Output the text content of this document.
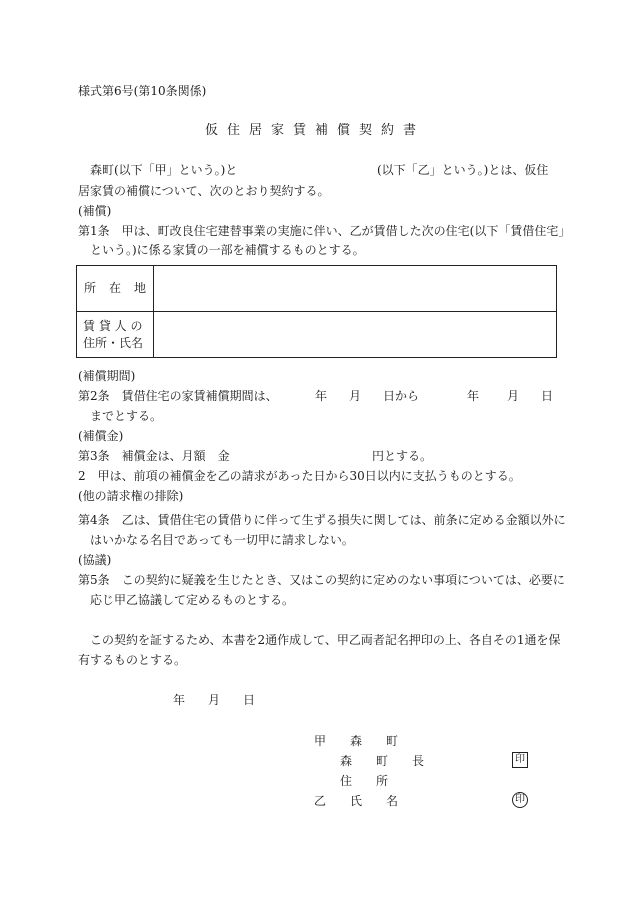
様式第6号(第10条関係)
仮住居家賃補償契約書
森町(以下「甲」という。)と	(以下「乙」という。)とは、仮住
居家賃の補償について、次のとおり契約する。
(補償)
第1条　甲は、町改良住宅建替事業の実施に伴い、乙が賃借した次の住宅(以下「賃借住宅」
という。)に係る家賃の一部を補償するものとする。
所 在 地	

賃 貸 人 の
住所・氏名	

(補償期間)
第2条　賃借住宅の家賃補償期間は、	年 月 日から	年 月 日
までとする。
(補償金)
第3条　補償金は、月額　金	円とする。
2　甲は、前項の補償金を乙の請求があった日から30日以内に支払うものとする。
(他の請求権の排除)
第4条　乙は、賃借住宅の賃借りに伴って生ずる損失に関しては、前条に定める金額以外に
はいかなる名目であっても一切甲に請求しない。
(協議)
第5条　この契約に疑義を生じたとき、又はこの契約に定めのない事項については、必要に
応じ甲乙協議して定めるものとする。
この契約を証するため、本書を2通作成して、甲乙両者記名押印の上、各自その1通を保
有するものとする。
年 月 日
甲　森　町
森　町　長	印
住　所
乙　氏　名	印
